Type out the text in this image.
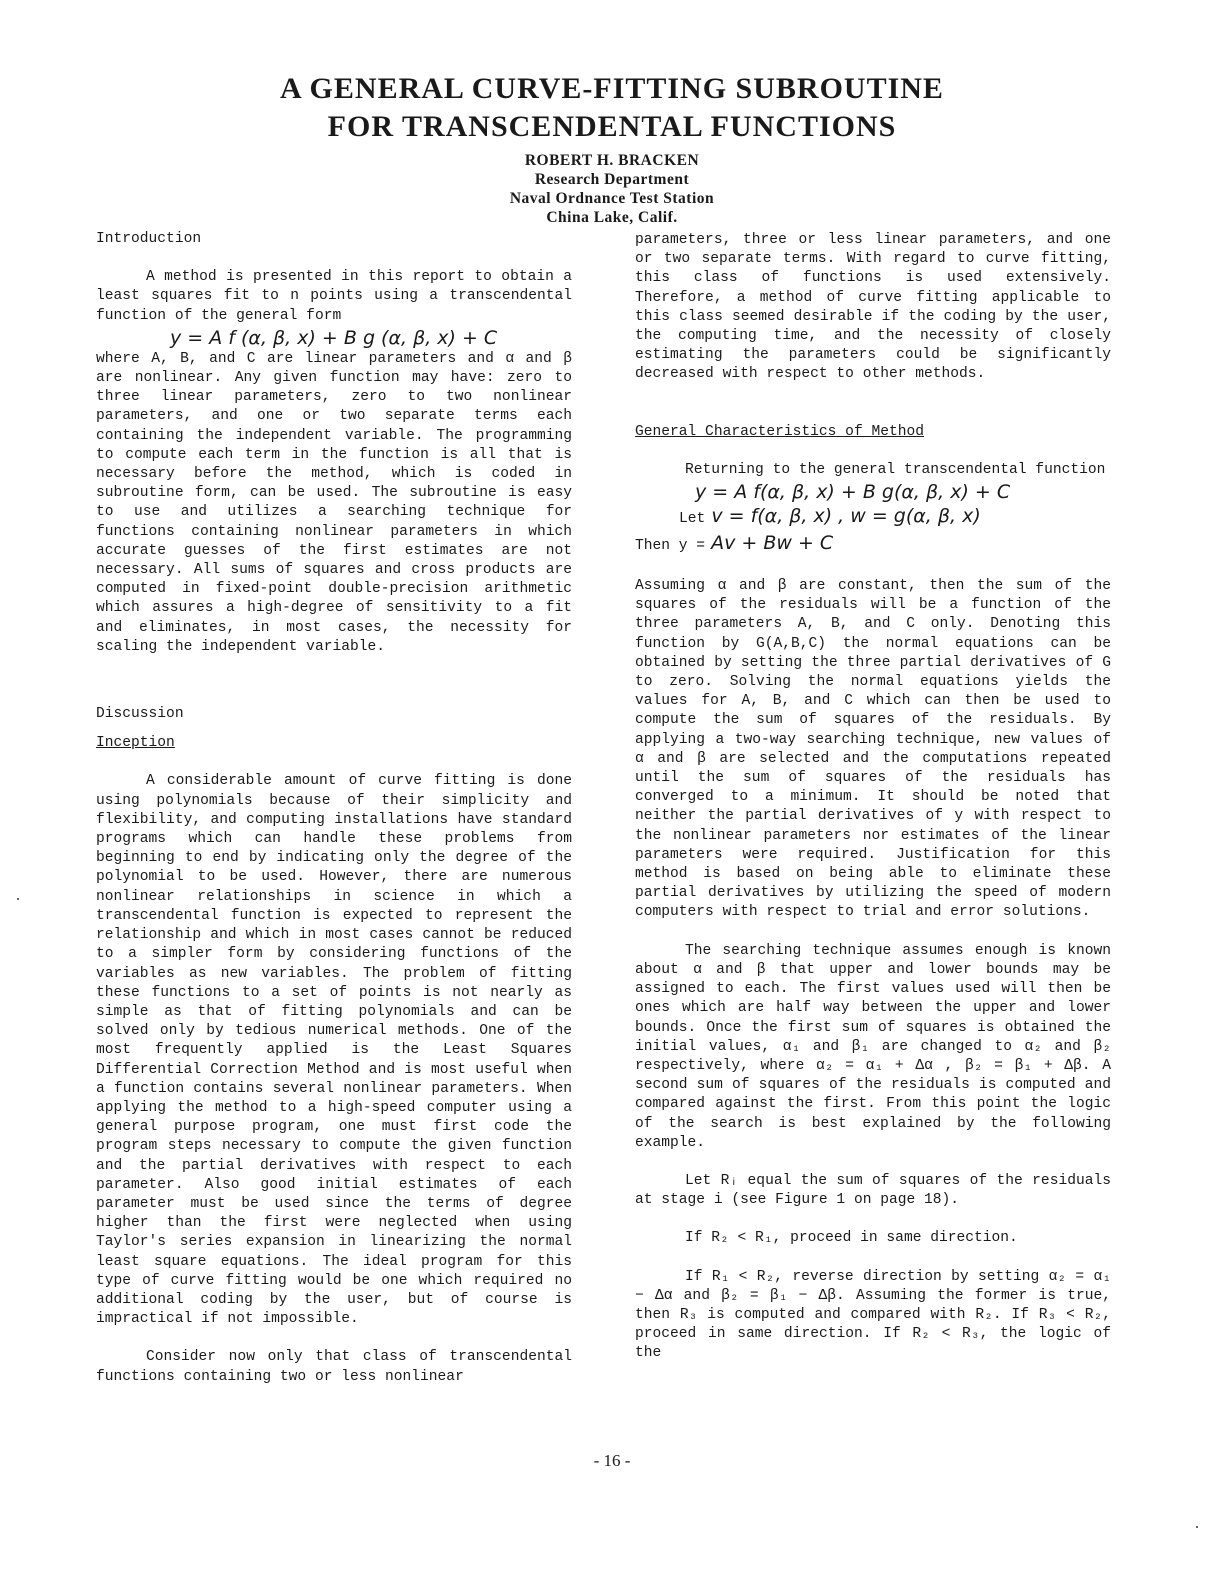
A GENERAL CURVE-FITTING SUBROUTINE
FOR TRANSCENDENTAL FUNCTIONS
ROBERT H. BRACKEN
Research Department
Naval Ordnance Test Station
China Lake, Calif.

Introduction

A method is presented in this report to obtain a least squares fit to n points using a transcendental function of the general form

y = A f (α, β, x) + B g (α, β, x) + C

where A, B, and C are linear parameters and α and β are nonlinear. Any given function may have: zero to three linear parameters, zero to two nonlinear parameters, and one or two separate terms each containing the independent variable. The programming to compute each term in the function is all that is necessary before the method, which is coded in subroutine form, can be used. The subroutine is easy to use and utilizes a searching technique for functions containing nonlinear parameters in which accurate guesses of the first estimates are not necessary. All sums of squares and cross products are computed in fixed-point double-precision arithmetic which assures a high-degree of sensitivity to a fit and eliminates, in most cases, the necessity for scaling the independent variable.

Discussion

Inception

A considerable amount of curve fitting is done using polynomials because of their simplicity and flexibility, and computing installations have standard programs which can handle these problems from beginning to end by indicating only the degree of the polynomial to be used. However, there are numerous nonlinear relationships in science in which a transcendental function is expected to represent the relationship and which in most cases cannot be reduced to a simpler form by considering functions of the variables as new variables. The problem of fitting these functions to a set of points is not nearly as simple as that of fitting polynomials and can be solved only by tedious numerical methods. One of the most frequently applied is the Least Squares Differential Correction Method and is most useful when a function contains several nonlinear parameters. When applying the method to a high-speed computer using a general purpose program, one must first code the program steps necessary to compute the given function and the partial derivatives with respect to each parameter. Also good initial estimates of each parameter must be used since the terms of degree higher than the first were neglected when using Taylor's series expansion in linearizing the normal least square equations. The ideal program for this type of curve fitting would be one which required no additional coding by the user, but of course is impractical if not impossible.

Consider now only that class of transcendental functions containing two or less nonlinear

parameters, three or less linear parameters, and one or two separate terms. With regard to curve fitting, this class of functions is used extensively. Therefore, a method of curve fitting applicable to this class seemed desirable if the coding by the user, the computing time, and the necessity of closely estimating the parameters could be significantly decreased with respect to other methods.

General Characteristics of Method

Returning to the general transcendental function

y = A f(α, β, x) + B g(α, β, x) + C

Let v = f(α, β, x) , w = g(α, β, x)

Then y = Av + Bw + C

Assuming α and β are constant, then the sum of the squares of the residuals will be a function of the three parameters A, B, and C only. Denoting this function by G(A,B,C) the normal equations can be obtained by setting the three partial derivatives of G to zero. Solving the normal equations yields the values for A, B, and C which can then be used to compute the sum of squares of the residuals. By applying a two-way searching technique, new values of α and β are selected and the computations repeated until the sum of squares of the residuals has converged to a minimum. It should be noted that neither the partial derivatives of y with respect to the nonlinear parameters nor estimates of the linear parameters were required. Justification for this method is based on being able to eliminate these partial derivatives by utilizing the speed of modern computers with respect to trial and error solutions.

The searching technique assumes enough is known about α and β that upper and lower bounds may be assigned to each. The first values used will then be ones which are half way between the upper and lower bounds. Once the first sum of squares is obtained the initial values, α₁ and β₁ are changed to α₂ and β₂ respectively, where α₂ = α₁ + Δα , β₂ = β₁ + Δβ. A second sum of squares of the residuals is computed and compared against the first. From this point the logic of the search is best explained by the following example.

Let Rᵢ equal the sum of squares of the residuals at stage i (see Figure 1 on page 18).

If R₂ < R₁, proceed in same direction.

If R₁ < R₂, reverse direction by setting α₂ = α₁ − Δα and β₂ = β₁ − Δβ. Assuming the former is true, then R₃ is computed and compared with R₂. If R₃ < R₂, proceed in same direction. If R₂ < R₃, the logic of the

- 16 -
